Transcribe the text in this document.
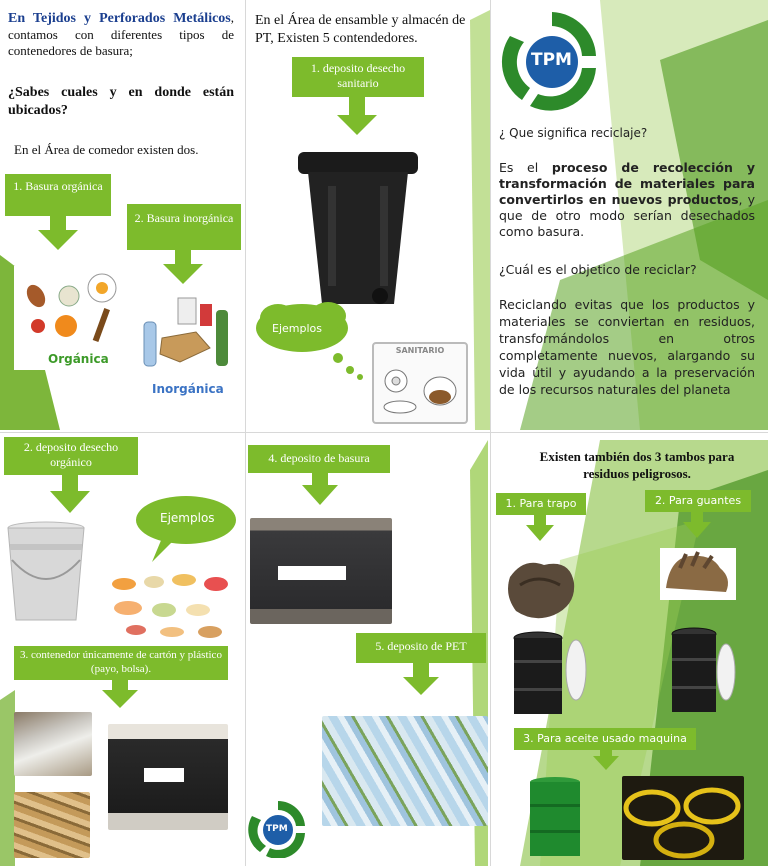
En Tejidos y Perforados Metálicos, contamos con diferentes tipos de contenedores de basura;
¿Sabes cuales y en donde están ubicados?
En el Área de comedor existen dos.
1. Basura orgánica
2. Basura inorgánica
Orgánica
Inorgánica
En el Área de ensamble y almacén de PT, Existen 5 contendedores.
1. deposito desecho sanitario
Ejemplos
SANITARIO
TPM
¿ Que significa reciclaje?
Es el proceso de recolección y transformación de materiales para convertirlos en nuevos productos, y que de otro modo serían desechados como basura.
¿Cuál es el objetico de reciclar?
Reciclando evitas que los productos y materiales se conviertan en residuos, transformándolos en otros completamente nuevos, alargando su vida útil y ayudando a la preservación de los recursos naturales del planeta
2. deposito desecho orgánico
Ejemplos
3. contenedor únicamente de cartón y plástico (payo, bolsa).
4. deposito de basura
5. deposito de PET
TPM
Existen también dos 3 tambos para residuos peligrosos.
1. Para trapo	2. Para guantes
3. Para aceite usado maquina
